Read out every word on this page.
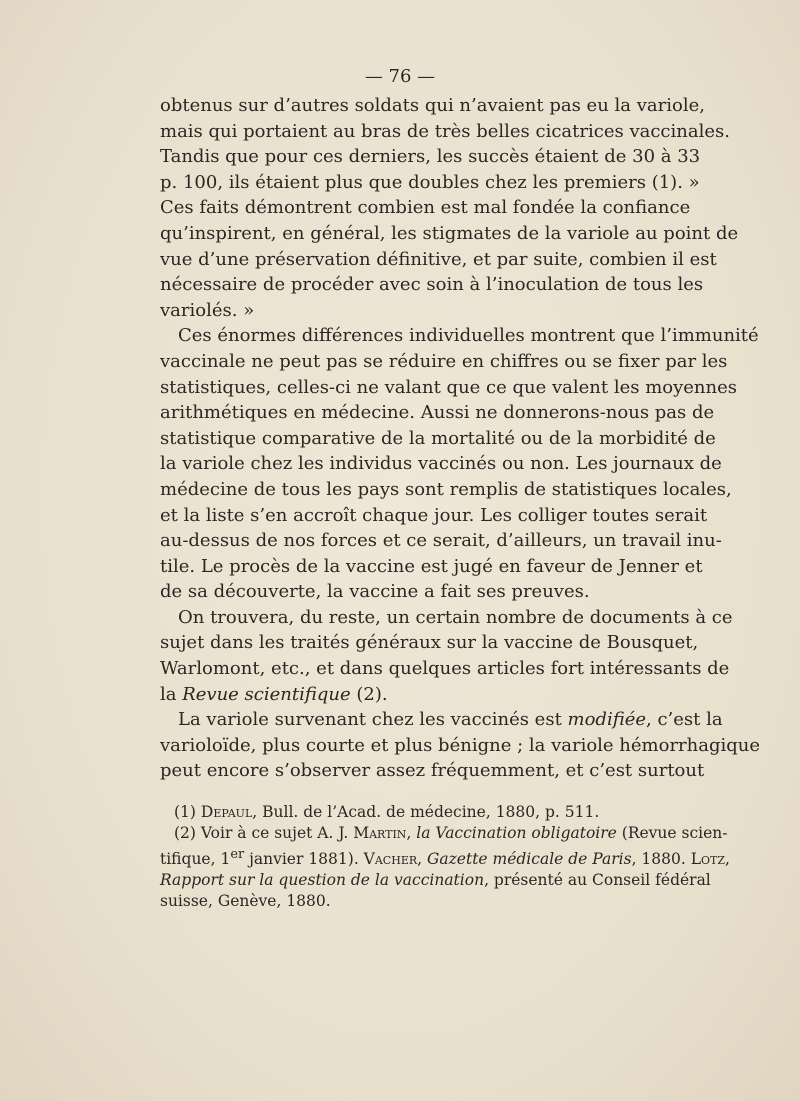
— 76 —
obtenus sur d’autres soldats qui n’avaient pas eu la variole,
mais qui portaient au bras de très belles cicatrices vaccinales.
Tandis que pour ces derniers, les succès étaient de 30 à 33
p. 100, ils étaient plus que doubles chez les premiers (1). »
Ces faits démontrent combien est mal fondée la confiance
qu’inspirent, en général, les stigmates de la variole au point de
vue d’une préservation définitive, et par suite, combien il est
nécessaire de procéder avec soin à l’inoculation de tous les
variolés. »
Ces énormes différences individuelles montrent que l’immunité
vaccinale ne peut pas se réduire en chiffres ou se fixer par les
statistiques, celles-ci ne valant que ce que valent les moyennes
arithmétiques en médecine. Aussi ne donnerons-nous pas de
statistique comparative de la mortalité ou de la morbidité de
la variole chez les individus vaccinés ou non. Les journaux de
médecine de tous les pays sont remplis de statistiques locales,
et la liste s’en accroît chaque jour. Les colliger toutes serait
au-dessus de nos forces et ce serait, d’ailleurs, un travail inu-
tile. Le procès de la vaccine est jugé en faveur de Jenner et
de sa découverte, la vaccine a fait ses preuves.
On trouvera, du reste, un certain nombre de documents à ce
sujet dans les traités généraux sur la vaccine de Bousquet,
Warlomont, etc., et dans quelques articles fort intéressants de
la Revue scientifique (2).
La variole survenant chez les vaccinés est modifiée, c’est la
varioloïde, plus courte et plus bénigne ; la variole hémorrhagique
peut encore s’observer assez fréquemment, et c’est surtout
(1) Depaul, Bull. de l’Acad. de médecine, 1880, p. 511.
(2) Voir à ce sujet A. J. Martin, la Vaccination obligatoire (Revue scien-
tifique, 1er janvier 1881). Vacher, Gazette médicale de Paris, 1880. Lotz,
Rapport sur la question de la vaccination, présenté au Conseil fédéral
suisse, Genève, 1880.
